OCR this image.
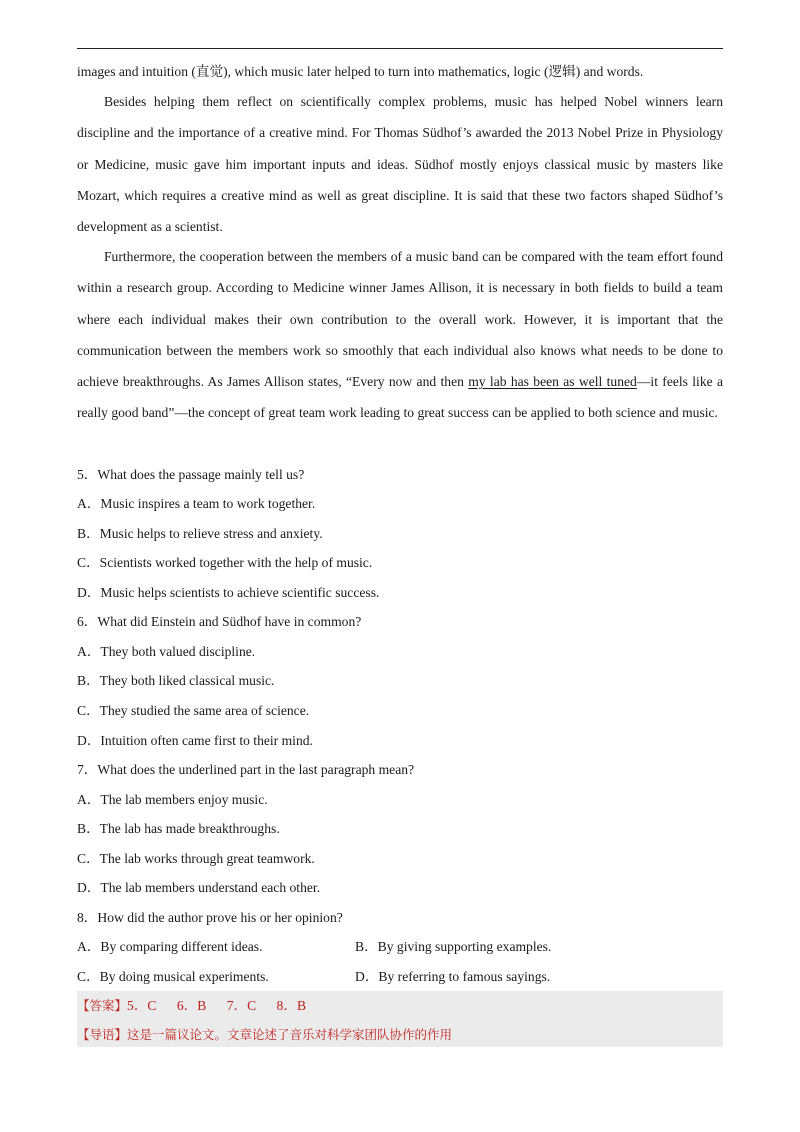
images and intuition (直觉), which music later helped to turn into mathematics, logic (逻辑) and words.
Besides helping them reflect on scientifically complex problems, music has helped Nobel winners learn discipline and the importance of a creative mind. For Thomas Südhof’s awarded the 2013 Nobel Prize in Physiology or Medicine, music gave him important inputs and ideas. Südhof mostly enjoys classical music by masters like Mozart, which requires a creative mind as well as great discipline. It is said that these two factors shaped Südhof’s development as a scientist.
Furthermore, the cooperation between the members of a music band can be compared with the team effort found within a research group. According to Medicine winner James Allison, it is necessary in both fields to build a team where each individual makes their own contribution to the overall work. However, it is important that the communication between the members work so smoothly that each individual also knows what needs to be done to achieve breakthroughs. As James Allison states, “Every now and then my lab has been as well tuned—it feels like a really good band”—the concept of great team work leading to great success can be applied to both science and music.
5．What does the passage mainly tell us?
A．Music inspires a team to work together.
B．Music helps to relieve stress and anxiety.
C．Scientists worked together with the help of music.
D．Music helps scientists to achieve scientific success.
6．What did Einstein and Südhof have in common?
A．They both valued discipline.
B．They both liked classical music.
C．They studied the same area of science.
D．Intuition often came first to their mind.
7．What does the underlined part in the last paragraph mean?
A．The lab members enjoy music.
B．The lab has made breakthroughs.
C．The lab works through great teamwork.
D．The lab members understand each other.
8．How did the author prove his or her opinion?
A．By comparing different ideas.	B．By giving supporting examples.
C．By doing musical experiments.	D．By referring to famous sayings.
【答案】5．C      6．B      7．C      8．B
【导语】这是一篇议论文。文章论述了音乐对科学家团队协作的作用
